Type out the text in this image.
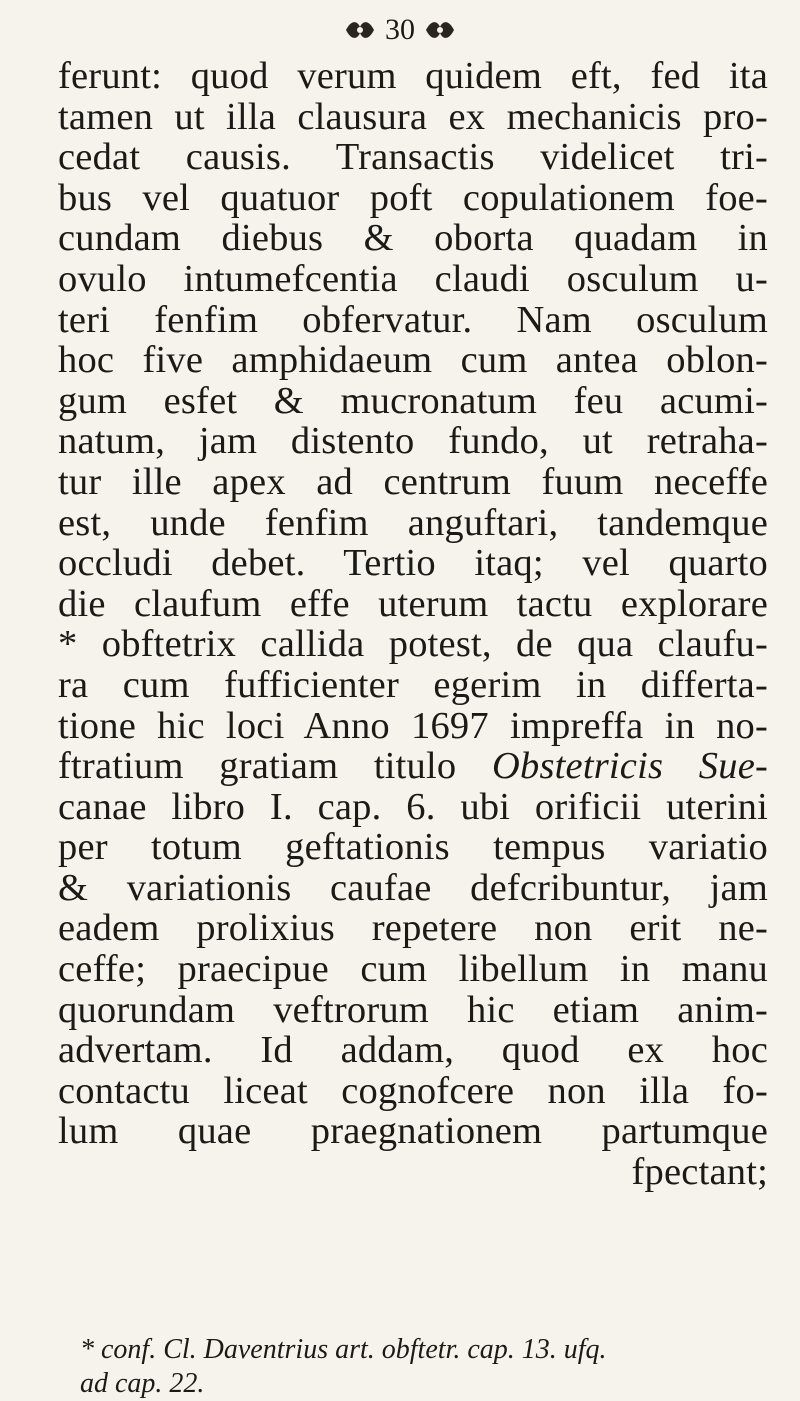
30
ferunt: quod verum quidem eft, fed ita
tamen ut illa clausura ex mechanicis pro-
cedat causis. Transactis videlicet tri-
bus vel quatuor poft copulationem foe-
cundam diebus & oborta quadam in
ovulo intumefcentia claudi osculum u-
teri fenfim obfervatur. Nam osculum
hoc five amphidaeum cum antea oblon-
gum esfet & mucronatum feu acumi-
natum, jam distento fundo, ut retraha-
tur ille apex ad centrum fuum neceffe
est, unde fenfim anguftari, tandemque
occludi debet. Tertio itaq; vel quarto
die claufum effe uterum tactu explorare
* obftetrix callida potest, de qua claufu-
ra cum fufficienter egerim in differta-
tione hic loci Anno 1697 impreffa in no-
ftratium gratiam titulo Obstetricis Sue-
canae libro I. cap. 6. ubi orificii uterini
per totum geftationis tempus variatio
& variationis caufae defcribuntur, jam
eadem prolixius repetere non erit ne-
ceffe; praecipue cum libellum in manu
quorundam veftrorum hic etiam anim-
advertam. Id addam, quod ex hoc
contactu liceat cognofcere non illa fo-
lum quae praegnationem partumque
fpectant;
* conf. Cl. Daventrius art. obftetr. cap. 13. ufq.
ad cap. 22.
